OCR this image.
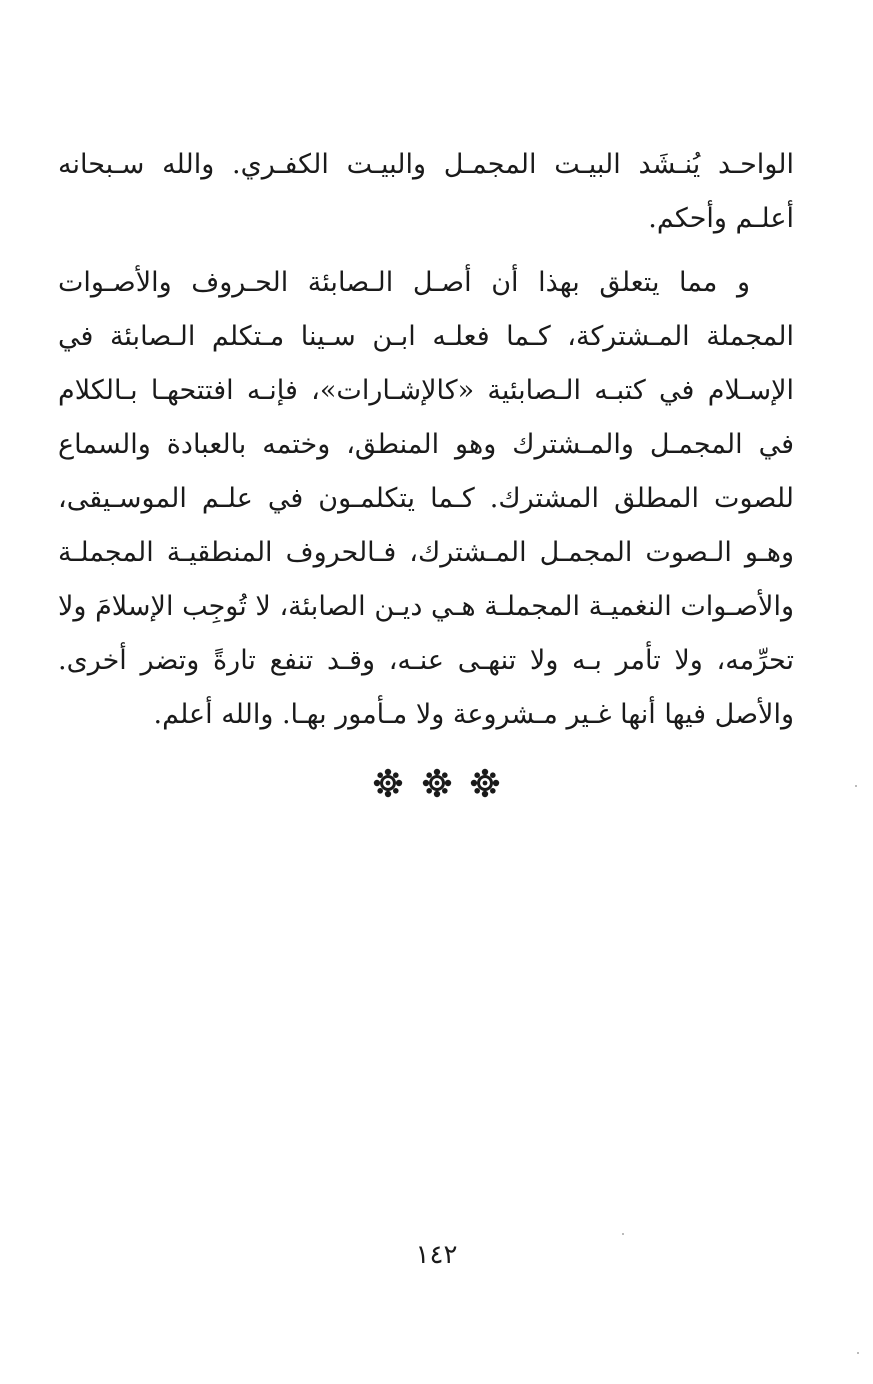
الواحـد يُنـشَد البيـت المجمـل والبيـت الكفـري. والله سـبحانه أعلـم وأحكم.

و مما يتعلق بهذا أن أصـل الـصابئة الحـروف والأصـوات المجملة المـشتركة، كـما فعلـه ابـن سـينا مـتكلم الـصابئة في الإسـلام في كتبـه الـصابئية «كالإشـارات»، فإنـه افتتحهـا بـالكلام في المجمـل والمـشترك وهو المنطق، وختمه بالعبادة والسماع للصوت المطلق المشترك. كـما يتكلمـون في علـم الموسـيقى، وهـو الـصوت المجمـل المـشترك، فـالحروف المنطقيـة المجملـة والأصـوات النغميـة المجملـة هـي ديـن الصابئة، لا تُوجِب الإسلامَ ولا تحرِّمه، ولا تأمر بـه ولا تنهـى عنـه، وقـد تنفع تارةً وتضر أخرى. والأصل فيها أنها غـير مـشروعة ولا مـأمور بهـا. والله أعلم.

١٤٢
